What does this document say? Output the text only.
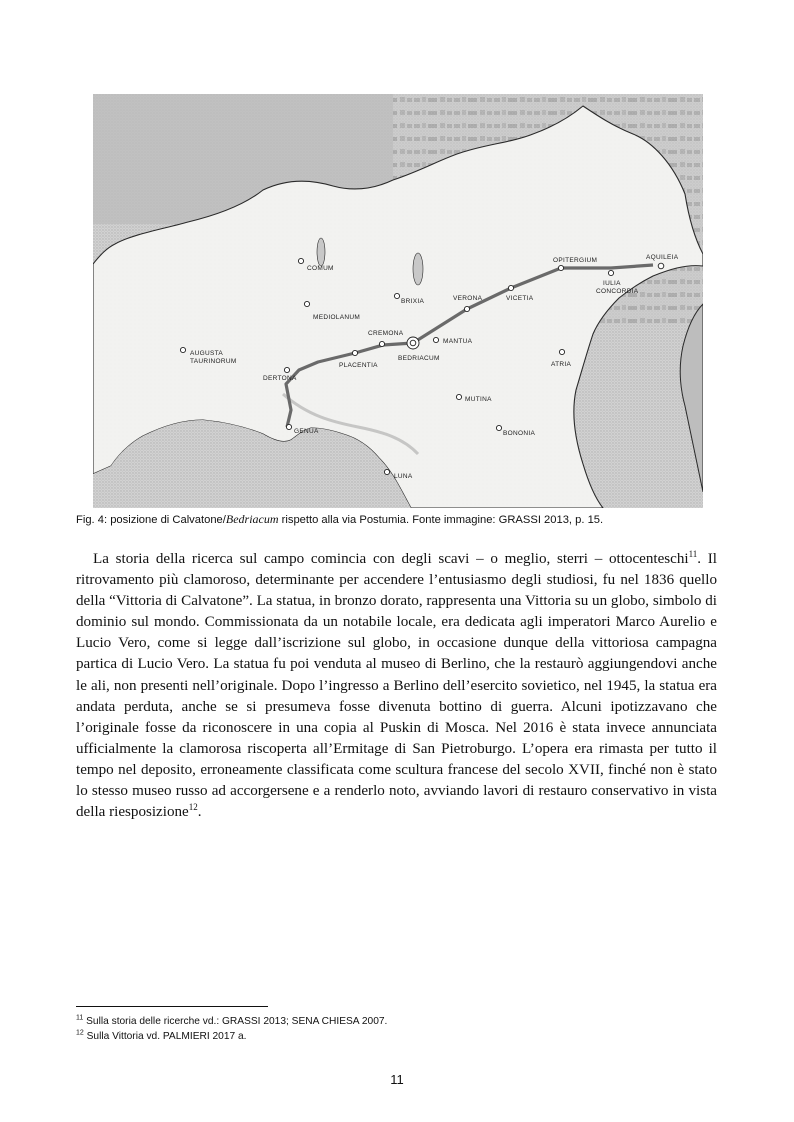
COMUM
BRIXIA
MEDIOLANUM
AUGUSTA
TAURINORUM
CREMONA
VERONA	VICETIA
OPITERGIUM	AQUILEIA
IULIA
CONCORDIA
BEDRIACUM
MANTUA
PLACENTIA
DERTONA
ATRIA
MUTINA
BONONIA
GENUA
LUNA
Fig. 4: posizione di Calvatone/Bedriacum rispetto alla via Postumia. Fonte immagine: GRASSI 2013, p. 15.

La storia della ricerca sul campo comincia con degli scavi – o meglio, sterri – ottocenteschi$^{11}$. Il ritrovamento più clamoroso, determinante per accendere l’entusiasmo degli studiosi, fu nel 1836 quello della “Vittoria di Calvatone”. La statua, in bronzo dorato, rappresenta una Vittoria su un globo, simbolo di dominio sul mondo. Commissionata da un notabile locale, era dedicata agli imperatori Marco Aurelio e Lucio Vero, come si legge dall’iscrizione sul globo, in occasione dunque della vittoriosa campagna partica di Lucio Vero. La statua fu poi venduta al museo di Berlino, che la restaurò aggiungendovi anche le ali, non presenti nell’originale. Dopo l’ingresso a Berlino dell’esercito sovietico, nel 1945, la statua era andata perduta, anche se si presumeva fosse divenuta bottino di guerra. Alcuni ipotizzavano che l’originale fosse da riconoscere in una copia al Puskin di Mosca. Nel 2016 è stata invece annunciata ufficialmente la clamorosa riscoperta all’Ermitage di San Pietroburgo. L’opera era rimasta per tutto il tempo nel deposito, erroneamente classificata come scultura francese del secolo XVII, finché non è stato lo stesso museo russo ad accorgersene e a renderlo noto, avviando lavori di restauro conservativo in vista della riesposizione$^{12}$.

$^{11}$ Sulla storia delle ricerche vd.: GRASSI 2013; SENA CHIESA 2007.
$^{12}$ Sulla Vittoria vd. PALMIERI 2017 a.
11
